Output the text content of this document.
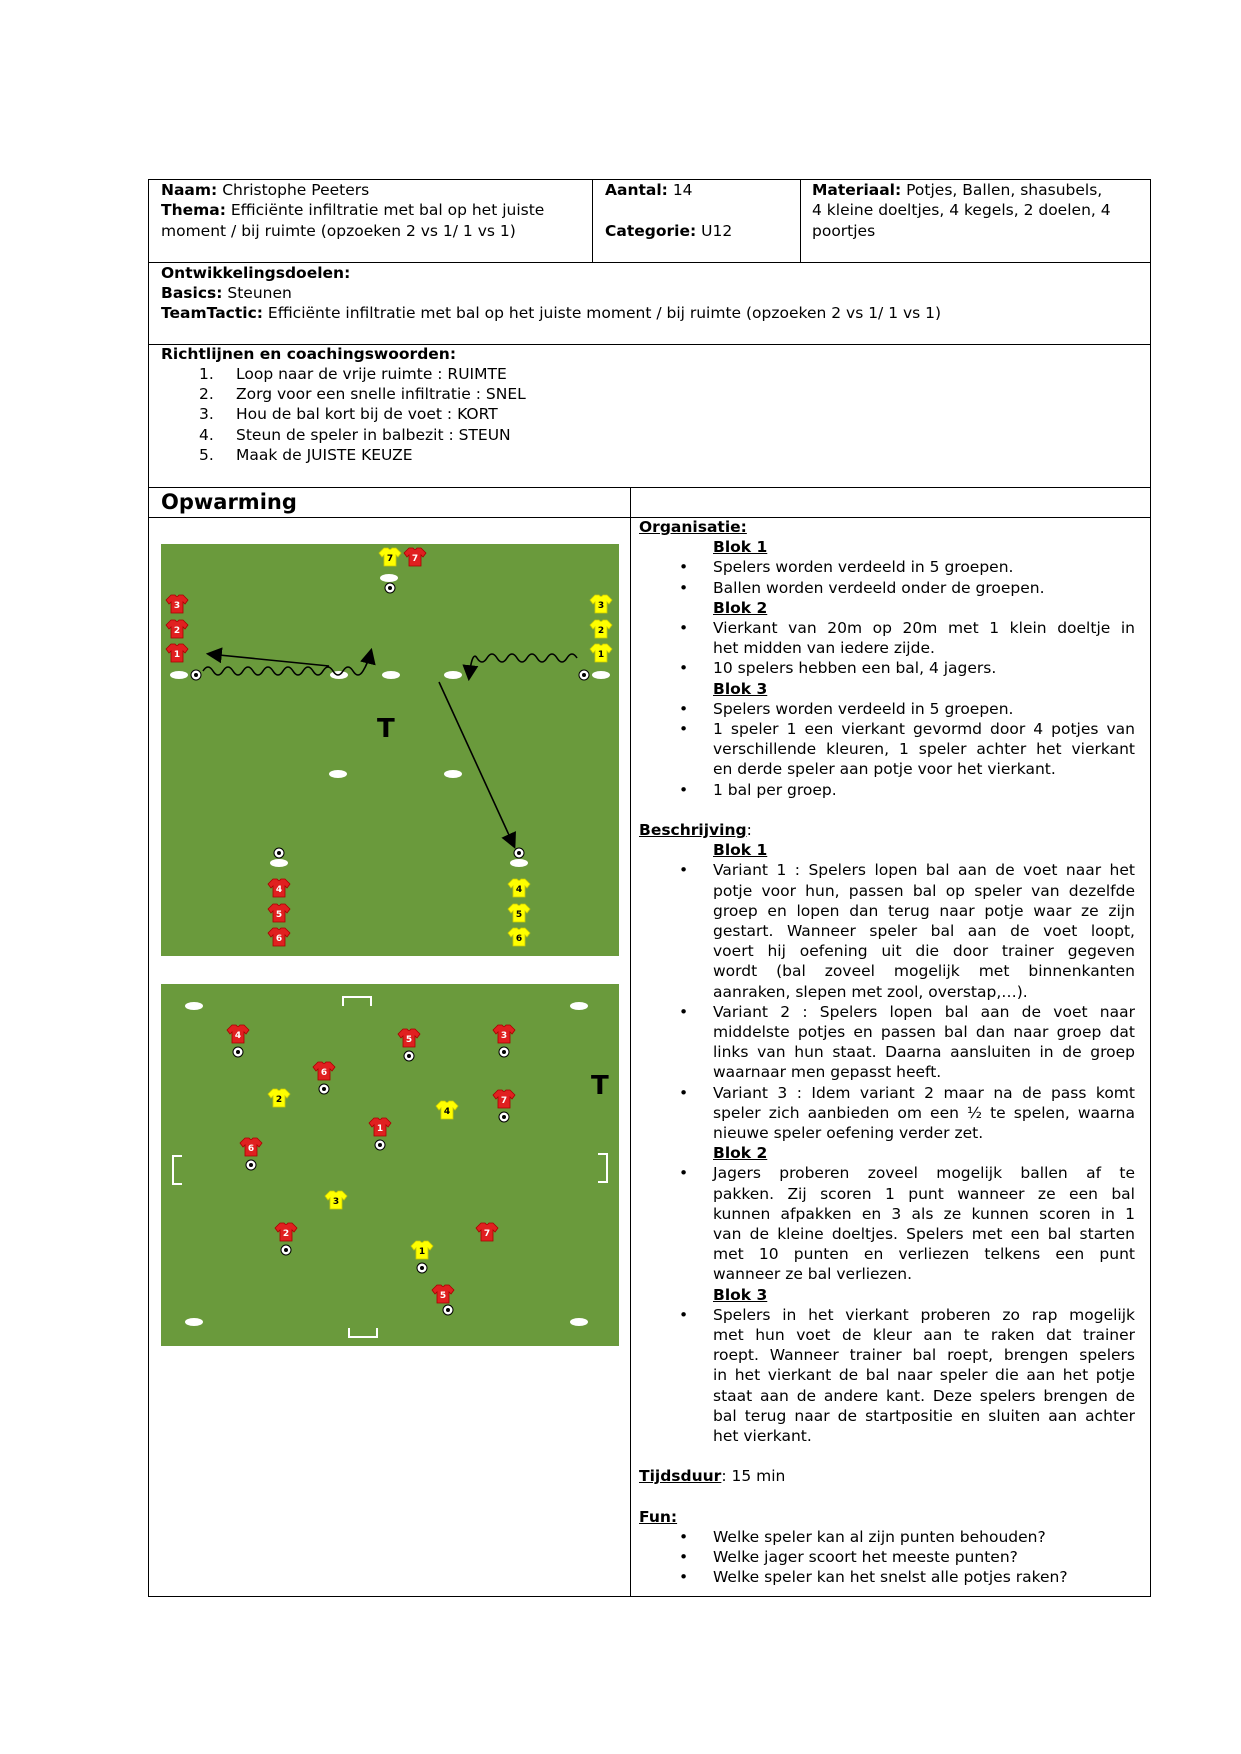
Naam: Christophe Peeters
Thema: Efficiënte infiltratie met bal op het juiste
moment / bij ruimte (opzoeken 2 vs 1/ 1 vs 1)
Aantal: 14
Categorie: U12
Materiaal: Potjes, Ballen, shasubels,
4 kleine doeltjes, 4 kegels, 2 doelen, 4
poortjes
Ontwikkelingsdoelen:
Basics: Steunen
TeamTactic: Efficiënte infiltratie met bal op het juiste moment / bij ruimte (opzoeken 2 vs 1/ 1 vs 1)
Richtlijnen en coachingswoorden:
1. Loop naar de vrije ruimte : RUIMTE
2. Zorg voor een snelle infiltratie : SNEL
3. Hou de bal kort bij de voet : KORT
4. Steun de speler in balbezit : STEUN
5. Maak de JUISTE KEUZE
Opwarming
T
7 7
3
2
1
3
2
1
4
5
6
4
5
6
T
4	5	3
6
2	7
4
1
6
3
2	7
1
5
Organisatie:
Blok 1
• Spelers worden verdeeld in 5 groepen.
• Ballen worden verdeeld onder de groepen.
Blok 2
• Vierkant van 20m op 20m met 1 klein doeltje in
het midden van iedere zijde.
• 10 spelers hebben een bal, 4 jagers.
Blok 3
• Spelers worden verdeeld in 5 groepen.
• 1 speler 1 een vierkant gevormd door 4 potjes van
verschillende kleuren, 1 speler achter het vierkant
en derde speler aan potje voor het vierkant.
• 1 bal per groep.
Beschrijving:
Blok 1
• Variant 1 : Spelers lopen bal aan de voet naar het
potje voor hun, passen bal op speler van dezelfde
groep en lopen dan terug naar potje waar ze zijn
gestart. Wanneer speler bal aan de voet loopt,
voert hij oefening uit die door trainer gegeven
wordt (bal zoveel mogelijk met binnenkanten
aanraken, slepen met zool, overstap,…).
• Variant 2 : Spelers lopen bal aan de voet naar
middelste potjes en passen bal dan naar groep dat
links van hun staat. Daarna aansluiten in de groep
waarnaar men gepasst heeft.
• Variant 3 : Idem variant 2 maar na de pass komt
speler zich aanbieden om een ½ te spelen, waarna
nieuwe speler oefening verder zet.
Blok 2
• Jagers proberen zoveel mogelijk ballen af te
pakken. Zij scoren 1 punt wanneer ze een bal
kunnen afpakken en 3 als ze kunnen scoren in 1
van de kleine doeltjes. Spelers met een bal starten
met 10 punten en verliezen telkens een punt
wanneer ze bal verliezen.
Blok 3
• Spelers in het vierkant proberen zo rap mogelijk
met hun voet de kleur aan te raken dat trainer
roept. Wanneer trainer bal roept, brengen spelers
in het vierkant de bal naar speler die aan het potje
staat aan de andere kant. Deze spelers brengen de
bal terug naar de startpositie en sluiten aan achter
het vierkant.
Tijdsduur: 15 min
Fun:
• Welke speler kan al zijn punten behouden?
• Welke jager scoort het meeste punten?
• Welke speler kan het snelst alle potjes raken?
